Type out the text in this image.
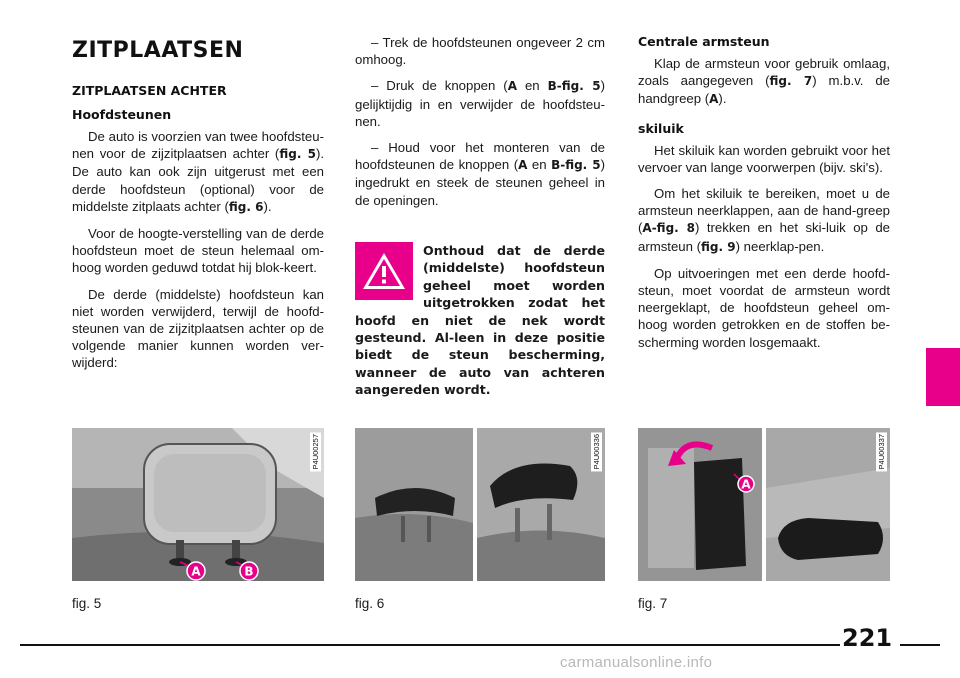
ZITPLAATSEN
ZITPLAATSEN ACHTER
Hoofdsteunen

De auto is voorzien van twee hoofdsteu-nen voor de zijzitplaatsen achter (fig. 5). De auto kan ook zijn uitgerust met een derde hoofdsteun (optional) voor de middelste zitplaats achter (fig. 6).

Voor de hoogte-verstelling van de derde hoofdsteun moet de steun helemaal om-hoog worden geduwd totdat hij blok-keert.

De derde (middelste) hoofdsteun kan niet worden verwijderd, terwijl de hoofd-steunen van de zijzitplaatsen achter op de volgende manier kunnen worden ver-wijderd:

– Trek de hoofdsteunen ongeveer 2 cm omhoog.

– Druk de knoppen (A en B-fig. 5) gelijktijdig in en verwijder de hoofdsteu-nen.

– Houd voor het monteren van de hoofdsteunen de knoppen (A en B-fig. 5) ingedrukt en steek de steunen geheel in de openingen.

Onthoud dat de derde (middelste) hoofdsteun geheel moet worden uitgetrokken zodat het hoofd en niet de nek wordt gesteund. Al-leen in deze positie biedt de steun bescherming, wanneer de auto van achteren aangereden wordt.

Centrale armsteun

Klap de armsteun voor gebruik omlaag, zoals aangegeven (fig. 7) m.b.v. de handgreep (A).

skiluik

Het skiluik kan worden gebruikt voor het vervoer van lange voorwerpen (bijv. ski's).

Om het skiluik te bereiken, moet u de armsteun neerklappen, aan de hand-greep (A-fig. 8) trekken en het ski-luik op de armsteun (fig. 9) neerklap-pen.

Op uitvoeringen met een derde hoofd-steun, moet voordat de armsteun wordt neergeklapt, de hoofdsteun geheel om-hoog worden getrokken en de stoffen be-scherming worden losgemaakt.

A	B
P4U00257	P4U00336
A
P4U00337
fig. 5	fig. 6	fig. 7
221
carmanualsonline.info
